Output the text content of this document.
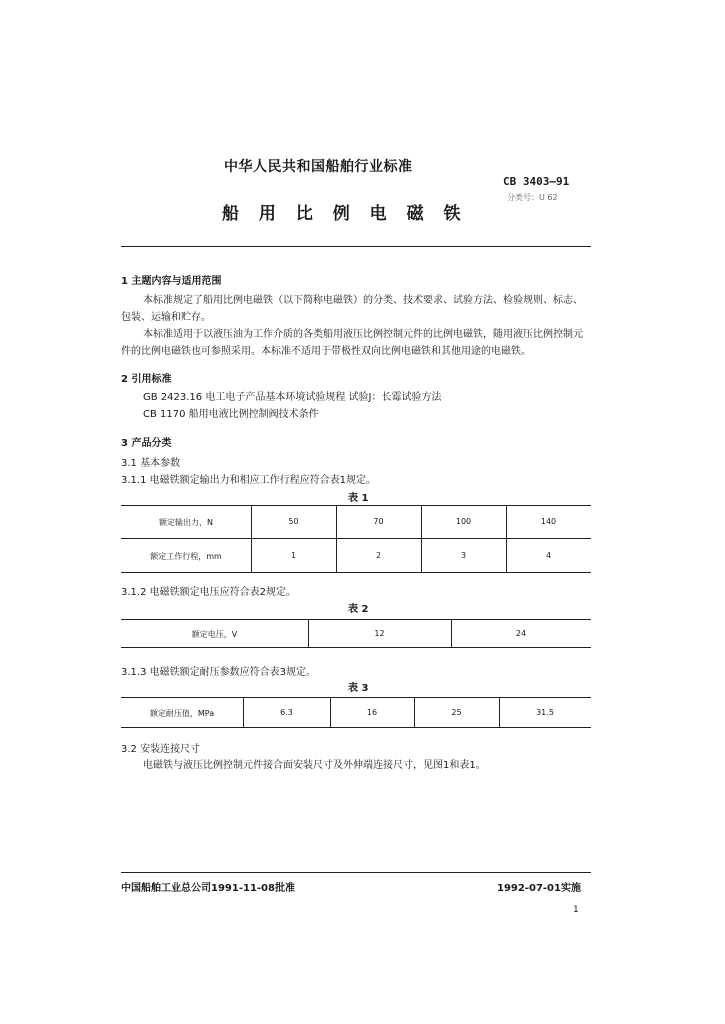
中华人民共和国船舶行业标准
CB 3403—91
分类号：U 62
船 用 比 例 电 磁 铁
1 主题内容与适用范围
本标准规定了船用比例电磁铁（以下简称电磁铁）的分类、技术要求、试验方法、检验规则、标志、包装、运输和贮存。
本标准适用于以液压油为工作介质的各类船用液压比例控制元件的比例电磁铁，随用液压比例控制元件的比例电磁铁也可参照采用。本标准不适用于带极性双向比例电磁铁和其他用途的电磁铁。
2 引用标准
GB 2423.16 电工电子产品基本环境试验规程 试验J：长霉试验方法
CB 1170 船用电液比例控制阀技术条件
3 产品分类
3.1 基本参数
3.1.1 电磁铁额定输出力和相应工作行程应符合表1规定。
表 1
额定输出力，N	50	70	100	140
额定工作行程，mm	1	2	3	4
3.1.2 电磁铁额定电压应符合表2规定。
表 2
额定电压，V	12	24
3.1.3 电磁铁额定耐压参数应符合表3规定。
表 3
额定耐压值，MPa	6.3	16	25	31.5
3.2 安装连接尺寸
电磁铁与液压比例控制元件接合面安装尺寸及外伸端连接尺寸，见图1和表1。
中国船舶工业总公司1991-11-08批准	1992-07-01实施
1
